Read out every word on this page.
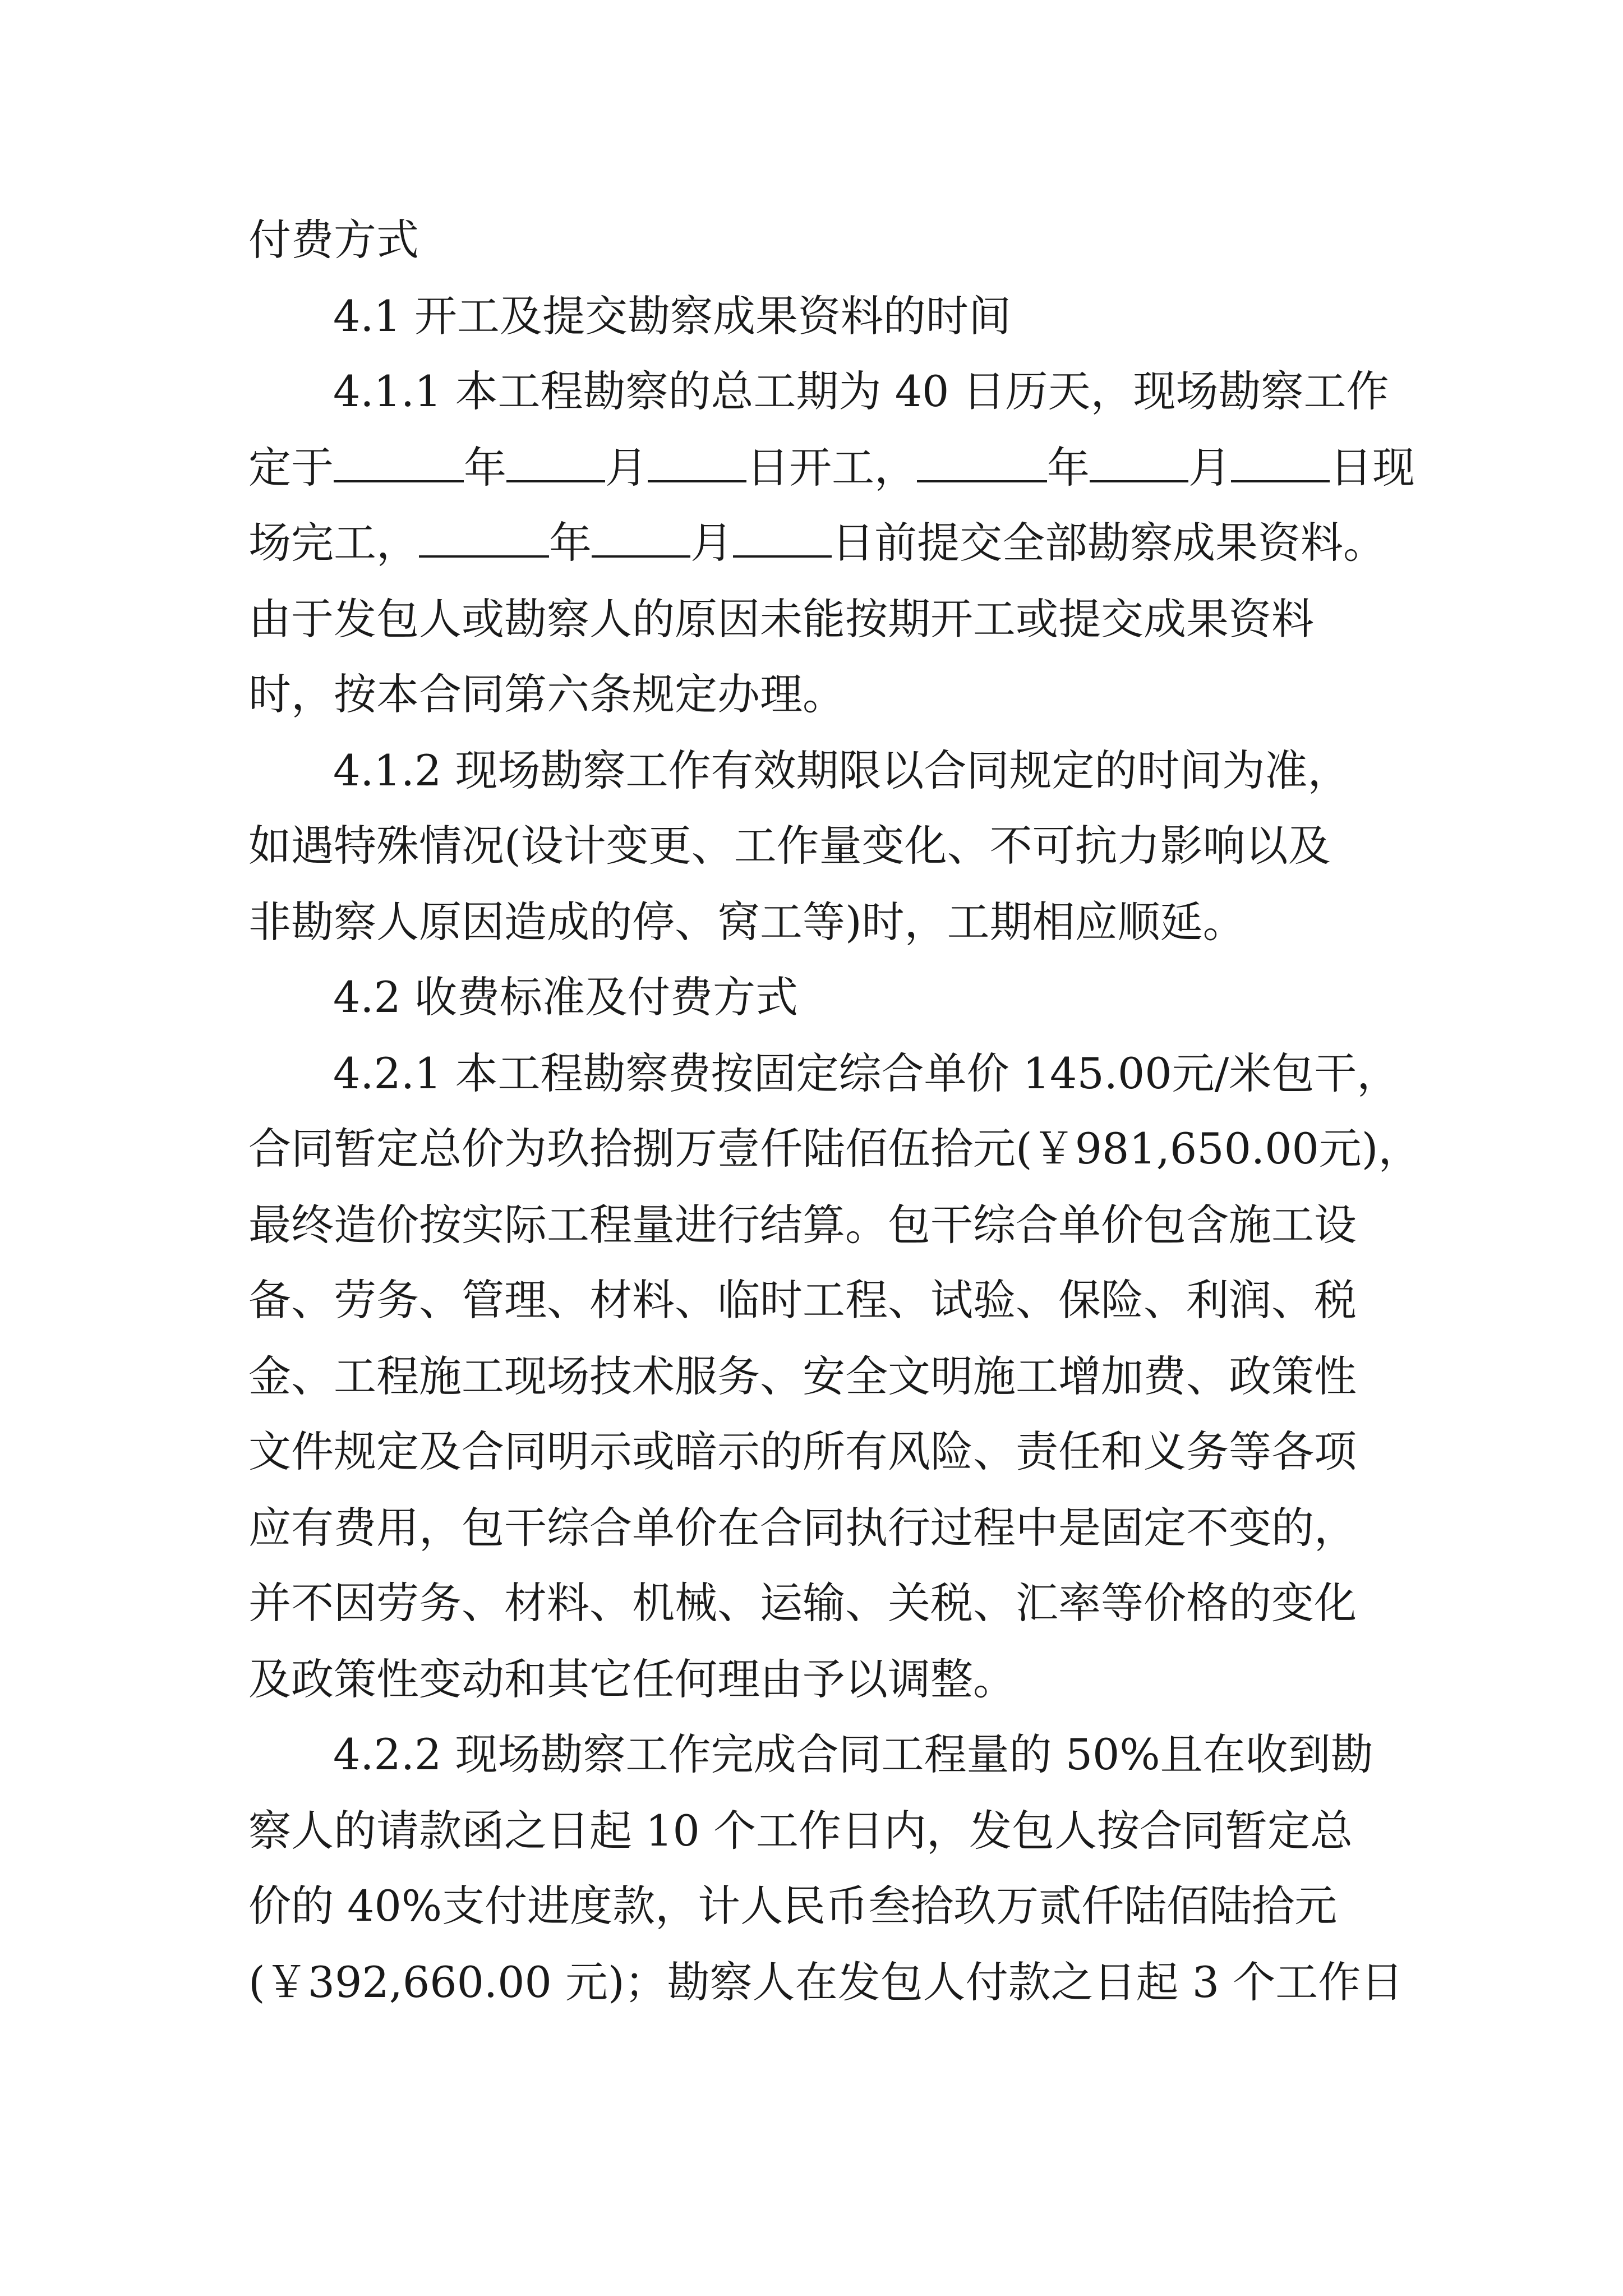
付费方式
4.1 开工及提交勘察成果资料的时间
4.1.1 本工程勘察的总工期为 40 日历天，现场勘察工作
定于	年 月 日开工，	年 月 日现
场完工，	年 月 日前提交全部勘察成果资料。
由于发包人或勘察人的原因未能按期开工或提交成果资料
时，按本合同第六条规定办理。
4.1.2 现场勘察工作有效期限以合同规定的时间为准，
如遇特殊情况(设计变更、工作量变化、不可抗力影响以及
非勘察人原因造成的停、窝工等)时，工期相应顺延。
4.2 收费标准及付费方式
4.2.1 本工程勘察费按固定综合单价 145.00元/米包干，
合同暂定总价为玖拾捌万壹仟陆佰伍拾元(￥981,650.00元)，
最终造价按实际工程量进行结算。包干综合单价包含施工设
备、劳务、管理、材料、临时工程、试验、保险、利润、税
金、工程施工现场技术服务、安全文明施工增加费、政策性
文件规定及合同明示或暗示的所有风险、责任和义务等各项
应有费用，包干综合单价在合同执行过程中是固定不变的，
并不因劳务、材料、机械、运输、关税、汇率等价格的变化
及政策性变动和其它任何理由予以调整。
4.2.2 现场勘察工作完成合同工程量的 50%且在收到勘
察人的请款函之日起 10 个工作日内，发包人按合同暂定总
价的 40%支付进度款，计人民币叁拾玖万贰仟陆佰陆拾元
(￥392,660.00 元)；勘察人在发包人付款之日起 3 个工作日
